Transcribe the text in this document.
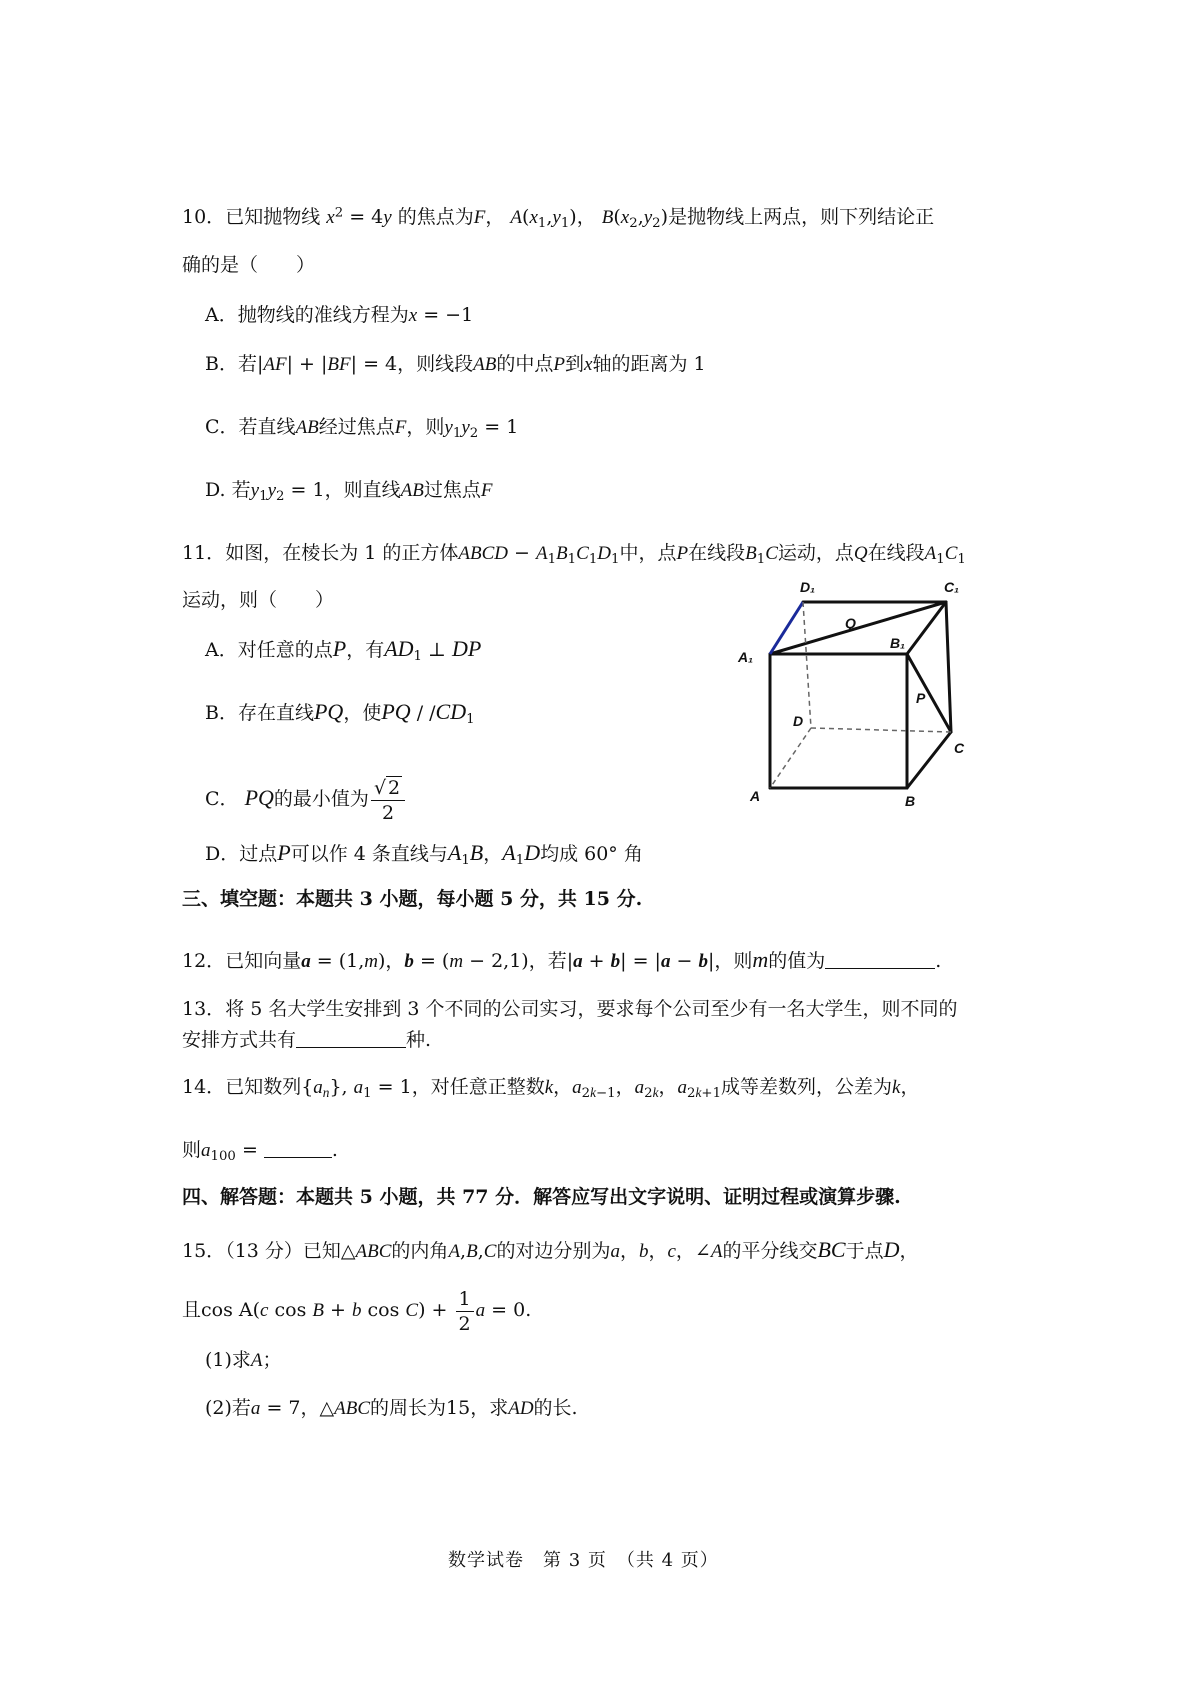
10．已知抛物线 $x^2 = 4y$ 的焦点为F， $A(x_1,y_1)$， $B(x_2,y_2)$是抛物线上两点，则下列结论正
确的是（　　）
A．抛物线的准线方程为x = −1
B．若|AF| + |BF| = 4，则线段AB的中点P到x轴的距离为 1
C．若直线AB经过焦点F，则$y_1y_2 = 1$
D. 若$y_1y_2 = 1$，则直线AB过焦点F
11．如图，在棱长为 1 的正方体ABCD − $A_1B_1C_1D_1$中，点P在线段$B_1C$运动，点Q在线段$A_1C_1$
运动，则（　　）
A．对任意的点P，有$AD_1$ ⊥ DP
B．存在直线PQ，使PQ / $/CD_1$
C． PQ的最小值为 $\frac{√ 2}{2}$
D．过点P可以作 4 条直线与$A_1B$，$A_1D$均成 60° 角
D₁	C₁
A₁
B₁
Q
P
D
C
A	B
三、填空题：本题共 3 小题，每小题 5 分，共 15 分.
12．已知向量a = (1,m)，b = (m − 2,1)，若|a + b| = |a − b|，则m的值为	.
13．将 5 名大学生安排到 3 个不同的公司实习，要求每个公司至少有一名大学生，则不同的
安排方式共有	种.
14．已知数列$\{a_n\}$, $a_1 = 1$，对任意正整数k，$a_{2k-1}$，$a_{2k}$，$a_{2k+1}$成等差数列，公差为k，
则$a_{100}$ =	.
四、解答题：本题共 5 小题，共 77 分．解答应写出文字说明、证明过程或演算步骤.
15．（13 分）已知△ABC的内角A,B,C的对边分别为a，b，c，∠A的平分线交BC于点D，
且cos A(c cos B + b $\cos C) + \frac{1}{2}$ a = 0.
(1)求A；
(2)若a = 7，△ABC的周长为15，求AD的长.
数学试卷　第 3 页　（共 4 页）
